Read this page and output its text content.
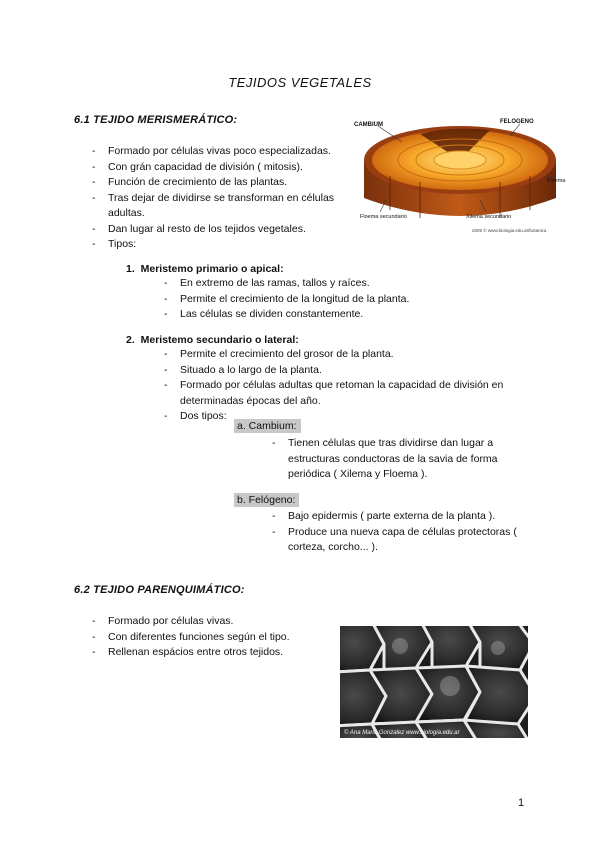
TEJIDOS VEGETALES
6.1 TEJIDO MERISMERÁTICO:
- Formado por células vivas poco especializadas.
- Con grán capacidad de división ( mitosis).
- Función de crecimiento de las plantas.
- Tras dejar de dividirse se transforman en células adultas.
- Dan lugar al resto de los tejidos vegetales.
- Tipos:
CAMBIUM	FELOGENO
Floema
Floema secundario	Xilema secundario
2005 © www.biologia.edu.ar/botanica
1. Meristemo primario o apical:
- En extremo de las ramas, tallos y raíces.
- Permite el crecimiento de la longitud de la planta.
- Las células se dividen constantemente.
2. Meristemo secundario o lateral:
- Permite el crecimiento del grosor de la planta.
- Situado a lo largo de la planta.
- Formado por células adultas que retoman la capacidad de división en determinadas épocas del año.
- Dos tipos:
a. Cambium:
- Tienen células que tras dividirse dan lugar a estructuras conductoras de la savia de forma periódica ( Xilema y Floema ).
b. Felógeno:
- Bajo epidermis ( parte externa de la planta ).
- Produce una nueva capa de células protectoras ( corteza, corcho... ).
6.2 TEJIDO PARENQUIMÁTICO:
- Formado por células vivas.
- Con diferentes funciones según el tipo.
- Rellenan espácios entre otros tejidos.
© Ana Maria Gonzalez www.biologia.edu.ar
1
